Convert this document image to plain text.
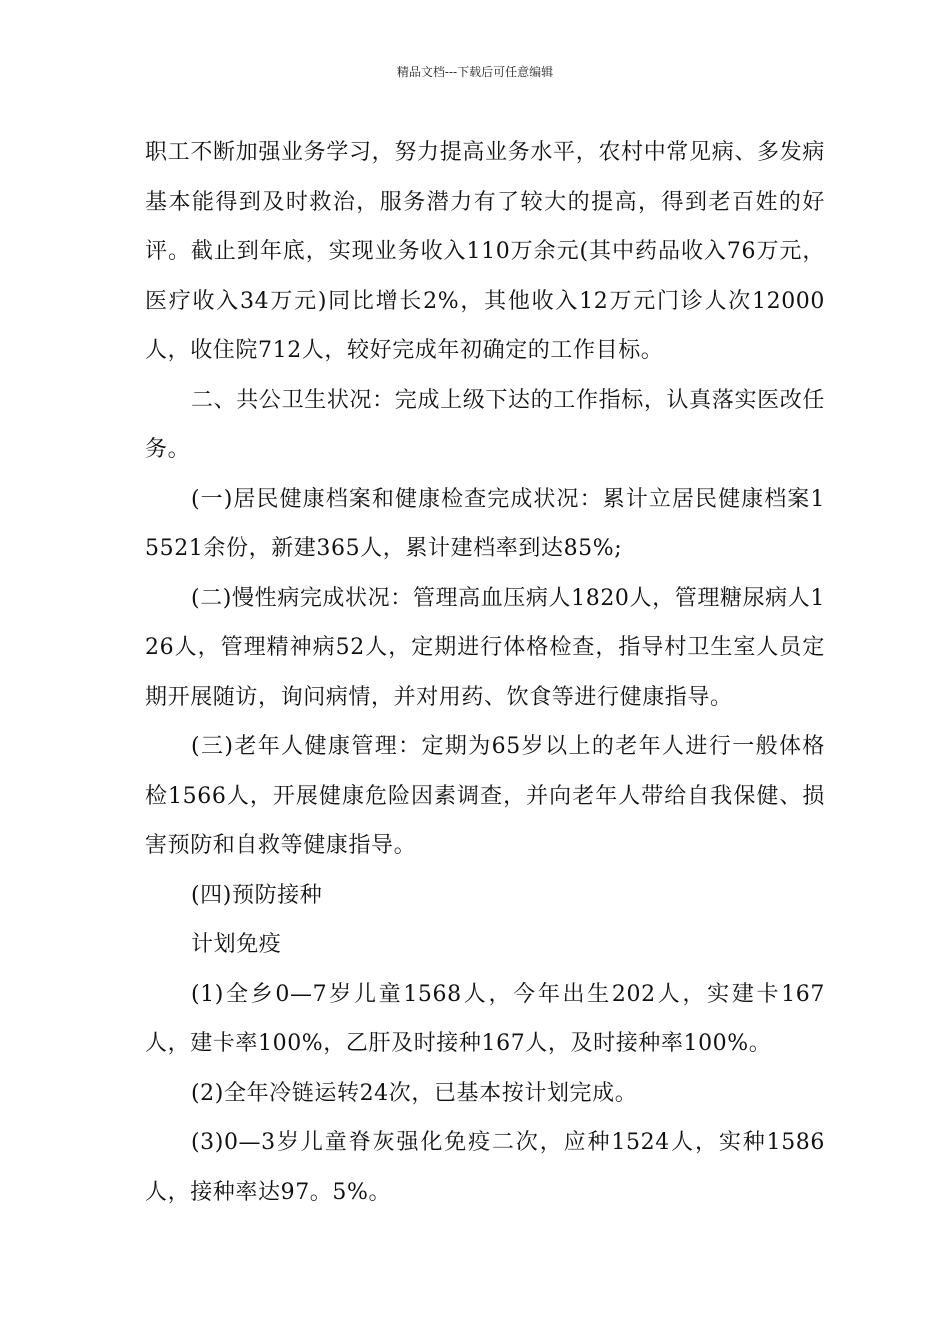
精品文档---下载后可任意编辑

职工不断加强业务学习，努力提高业务水平，农村中常见病、多发病基本能得到及时救治，服务潜力有了较大的提高，得到老百姓的好评。截止到年底，实现业务收入110万余元(其中药品收入76万元，医疗收入34万元)同比增长2%，其他收入12万元门诊人次12000人，收住院712人，较好完成年初确定的工作目标。

二、共公卫生状况：完成上级下达的工作指标，认真落实医改任务。

(一)居民健康档案和健康检查完成状况：累计立居民健康档案15521余份，新建365人，累计建档率到达85%;

(二)慢性病完成状况：管理高血压病人1820人，管理糖尿病人126人，管理精神病52人，定期进行体格检查，指导村卫生室人员定期开展随访，询问病情，并对用药、饮食等进行健康指导。

(三)老年人健康管理：定期为65岁以上的老年人进行一般体格检1566人，开展健康危险因素调查，并向老年人带给自我保健、损害预防和自救等健康指导。

(四)预防接种

计划免疫

(1)全乡0—7岁儿童1568人，今年出生202人，实建卡167人，建卡率100%，乙肝及时接种167人，及时接种率100%。

(2)全年冷链运转24次，已基本按计划完成。

(3)0—3岁儿童脊灰强化免疫二次，应种1524人，实种1586人，接种率达97。5%。
